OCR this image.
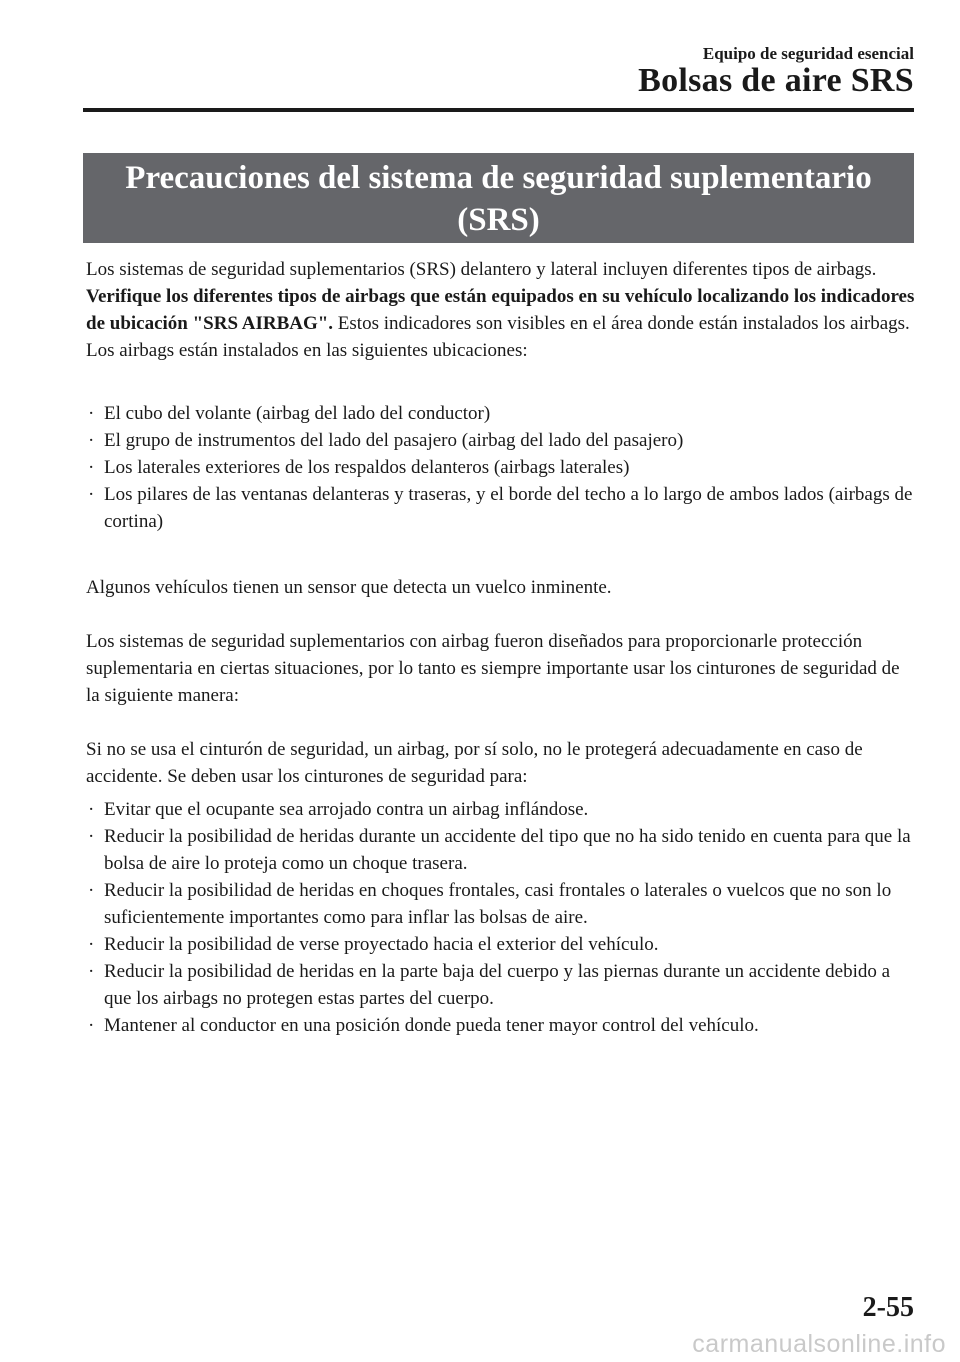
Equipo de seguridad esencial
Bolsas de aire SRS
Precauciones del sistema de seguridad suplementario
(SRS)

Los sistemas de seguridad suplementarios (SRS) delantero y lateral incluyen diferentes tipos de airbags. Verifique los diferentes tipos de airbags que están equipados en su vehículo localizando los indicadores de ubicación "SRS AIRBAG". Estos indicadores son visibles en el área donde están instalados los airbags.

Los airbags están instalados en las siguientes ubicaciones:

· El cubo del volante (airbag del lado del conductor)
· El grupo de instrumentos del lado del pasajero (airbag del lado del pasajero)
· Los laterales exteriores de los respaldos delanteros (airbags laterales)
· Los pilares de las ventanas delanteras y traseras, y el borde del techo a lo largo de ambos lados (airbags de cortina)
Algunos vehículos tienen un sensor que detecta un vuelco inminente.
Los sistemas de seguridad suplementarios con airbag fueron diseñados para proporcionarle protección suplementaria en ciertas situaciones, por lo tanto es siempre importante usar los cinturones de seguridad de la siguiente manera:
Si no se usa el cinturón de seguridad, un airbag, por sí solo, no le protegerá adecuadamente en caso de accidente. Se deben usar los cinturones de seguridad para:
· Evitar que el ocupante sea arrojado contra un airbag inflándose.
· Reducir la posibilidad de heridas durante un accidente del tipo que no ha sido tenido en cuenta para que la bolsa de aire lo proteja como un choque trasera.
· Reducir la posibilidad de heridas en choques frontales, casi frontales o laterales o vuelcos que no son lo suficientemente importantes como para inflar las bolsas de aire.
· Reducir la posibilidad de verse proyectado hacia el exterior del vehículo.
· Reducir la posibilidad de heridas en la parte baja del cuerpo y las piernas durante un accidente debido a que los airbags no protegen estas partes del cuerpo.
· Mantener al conductor en una posición donde pueda tener mayor control del vehículo.
2-55
carmanualsonline.info
